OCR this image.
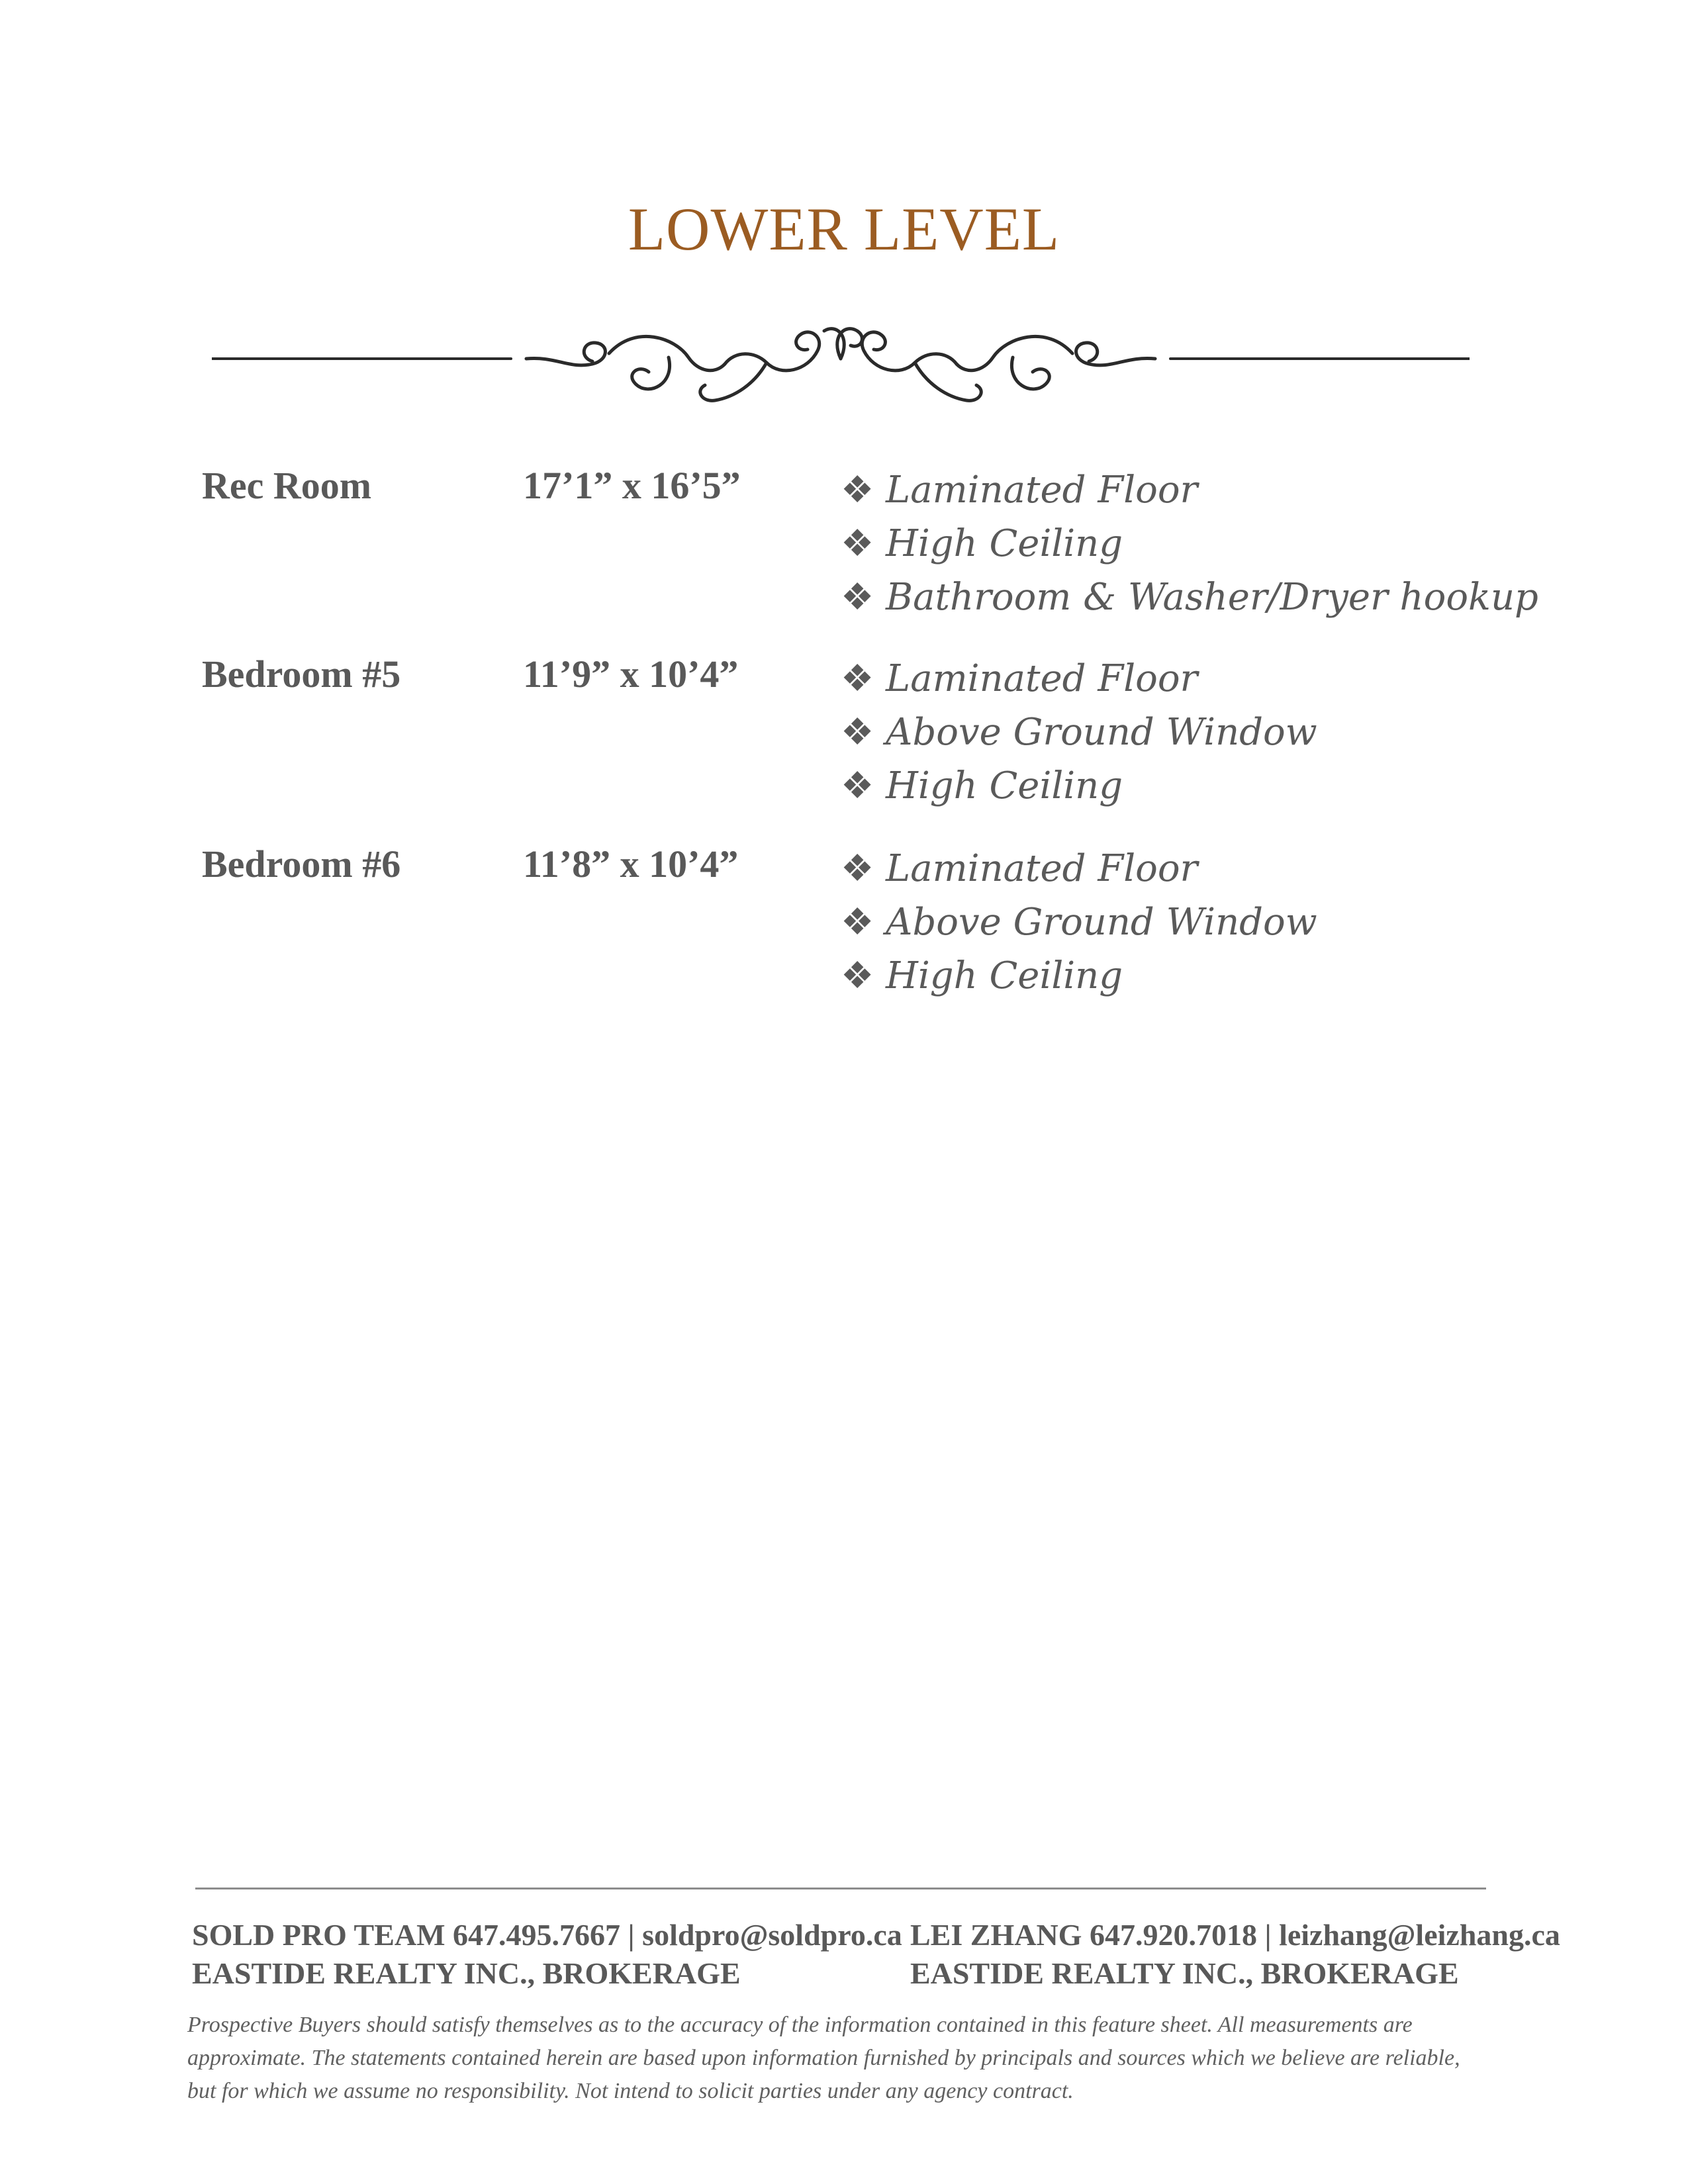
LOWER LEVEL
Rec Room	17’1” x 16’5”	❖ Laminated Floor
❖ High Ceiling
❖ Bathroom & Washer/Dryer hookup
Bedroom #5	11’9” x 10’4”	❖ Laminated Floor
❖ Above Ground Window
❖ High Ceiling
Bedroom #6	11’8” x 10’4”	❖ Laminated Floor
❖ Above Ground Window
❖ High Ceiling
SOLD PRO TEAM 647.495.7667 | soldpro@soldpro.ca
EASTIDE REALTY INC., BROKERAGE
LEI ZHANG 647.920.7018 | leizhang@leizhang.ca
EASTIDE REALTY INC., BROKERAGE
Prospective Buyers should satisfy themselves as to the accuracy of the information contained in this feature sheet. All measurements are approximate. The statements contained herein are based upon information furnished by principals and sources which we believe are reliable, but for which we assume no responsibility. Not intend to solicit parties under any agency contract.
